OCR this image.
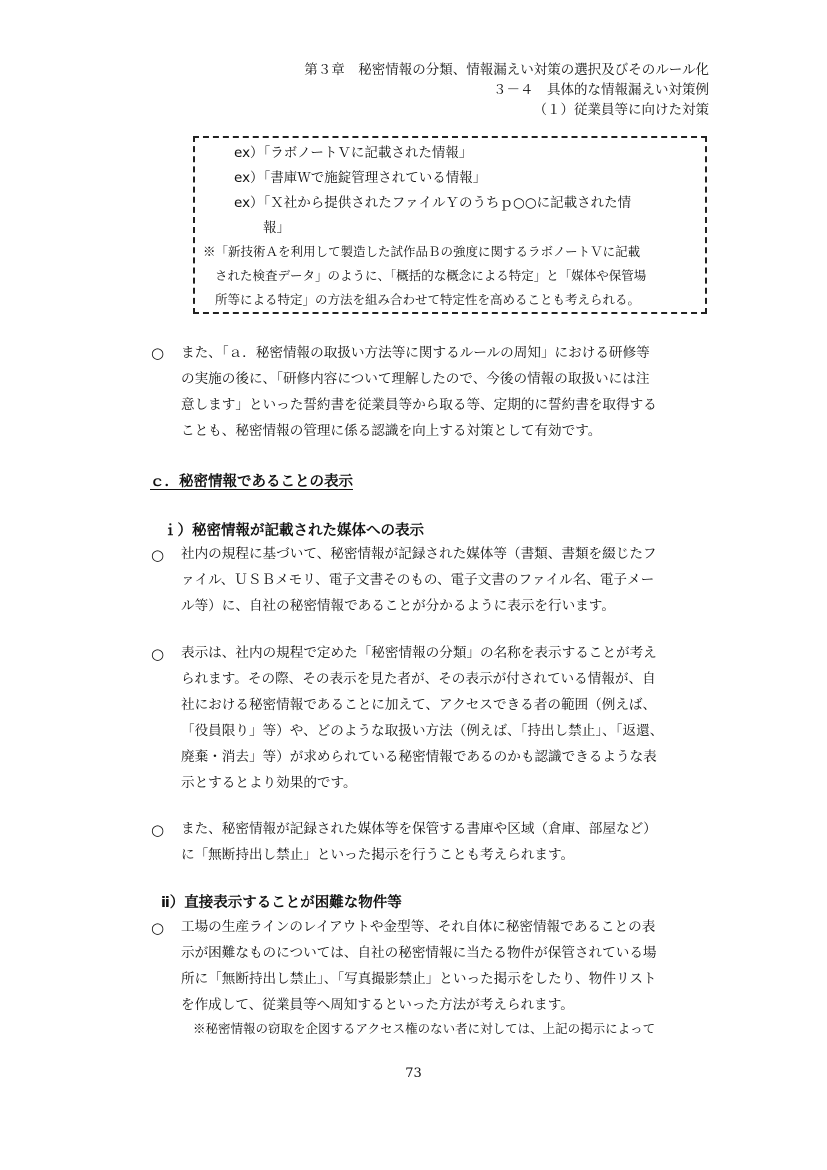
第３章　秘密情報の分類、情報漏えい対策の選択及びそのルール化
３－４　具体的な情報漏えい対策例
（１）従業員等に向けた対策
ex）「ラボノートＶに記載された情報」
ex）「書庫Ｗで施錠管理されている情報」
ex）「Ｘ社から提供されたファイルＹのうちｐ○○に記載された情
報」
※「新技術Ａを利用して製造した試作品Ｂの強度に関するラボノートＶに記載
された検査データ」のように、「概括的な概念による特定」と「媒体や保管場
所等による特定」の方法を組み合わせて特定性を高めることも考えられる。
○ また、「ａ．秘密情報の取扱い方法等に関するルールの周知」における研修等
の実施の後に、「研修内容について理解したので、今後の情報の取扱いには注
意します」といった誓約書を従業員等から取る等、定期的に誓約書を取得する
ことも、秘密情報の管理に係る認識を向上する対策として有効です。
ｃ．秘密情報であることの表示
ｉ）秘密情報が記載された媒体への表示
○ 社内の規程に基づいて、秘密情報が記録された媒体等（書類、書類を綴じたフ
ァイル、ＵＳＢメモリ、電子文書そのもの、電子文書のファイル名、電子メー
ル等）に、自社の秘密情報であることが分かるように表示を行います。
○ 表示は、社内の規程で定めた「秘密情報の分類」の名称を表示することが考え
られます。その際、その表示を見た者が、その表示が付されている情報が、自
社における秘密情報であることに加えて、アクセスできる者の範囲（例えば、
「役員限り」等）や、どのような取扱い方法（例えば、「持出し禁止」、「返還、
廃棄・消去」等）が求められている秘密情報であるのかも認識できるような表
示とするとより効果的です。
○ また、秘密情報が記録された媒体等を保管する書庫や区域（倉庫、部屋など）
に「無断持出し禁止」といった掲示を行うことも考えられます。
ⅱ）直接表示することが困難な物件等
○ 工場の生産ラインのレイアウトや金型等、それ自体に秘密情報であることの表
示が困難なものについては、自社の秘密情報に当たる物件が保管されている場
所に「無断持出し禁止」、「写真撮影禁止」といった掲示をしたり、物件リスト
を作成して、従業員等へ周知するといった方法が考えられます。
※秘密情報の窃取を企図するアクセス権のない者に対しては、上記の掲示によって
73
